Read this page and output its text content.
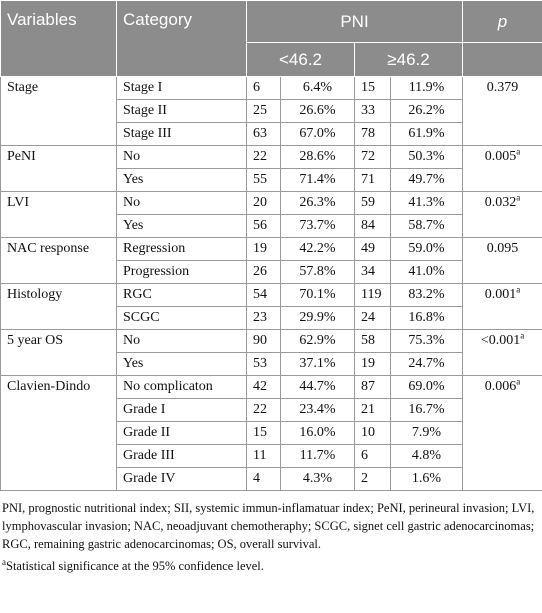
Variables	Category	PNI				p
		<46.2		≥46.2		
Stage	Stage I	6	6.4%	15	11.9%	0.379
	Stage II	25	26.6%	33	26.2%	
	Stage III	63	67.0%	78	61.9%	
PeNI	No	22	28.6%	72	50.3%	0.005$^a$
	Yes	55	71.4%	71	49.7%	
LVI	No	20	26.3%	59	41.3%	0.032$^a$
	Yes	56	73.7%	84	58.7%	
NAC response	Regression	19	42.2%	49	59.0%	0.095
	Progression	26	57.8%	34	41.0%	
Histology	RGC	54	70.1%	119	83.2%	0.001$^a$
	SCGC	23	29.9%	24	16.8%	
5 year OS	No	90	62.9%	58	75.3%	<0.001$^a$
	Yes	53	37.1%	19	24.7%	
Clavien-Dindo	No complicaton	42	44.7%	87	69.0%	0.006$^a$
	Grade I	22	23.4%	21	16.7%	
	Grade II	15	16.0%	10	7.9%	
	Grade III	11	11.7%	6	4.8%	
	Grade IV	4	4.3%	2	1.6%	

PNI, prognostic nutritional index; SII, systemic immun-inflamatuar index; PeNI, perineural invasion; LVI, lymphovascular invasion; NAC, neoadjuvant chemotheraphy; SCGC, signet cell gastric adenocarcinomas; RGC, remaining gastric adenocarcinomas; OS, overall survival.

$^a$Statistical significance at the 95% confidence level.
